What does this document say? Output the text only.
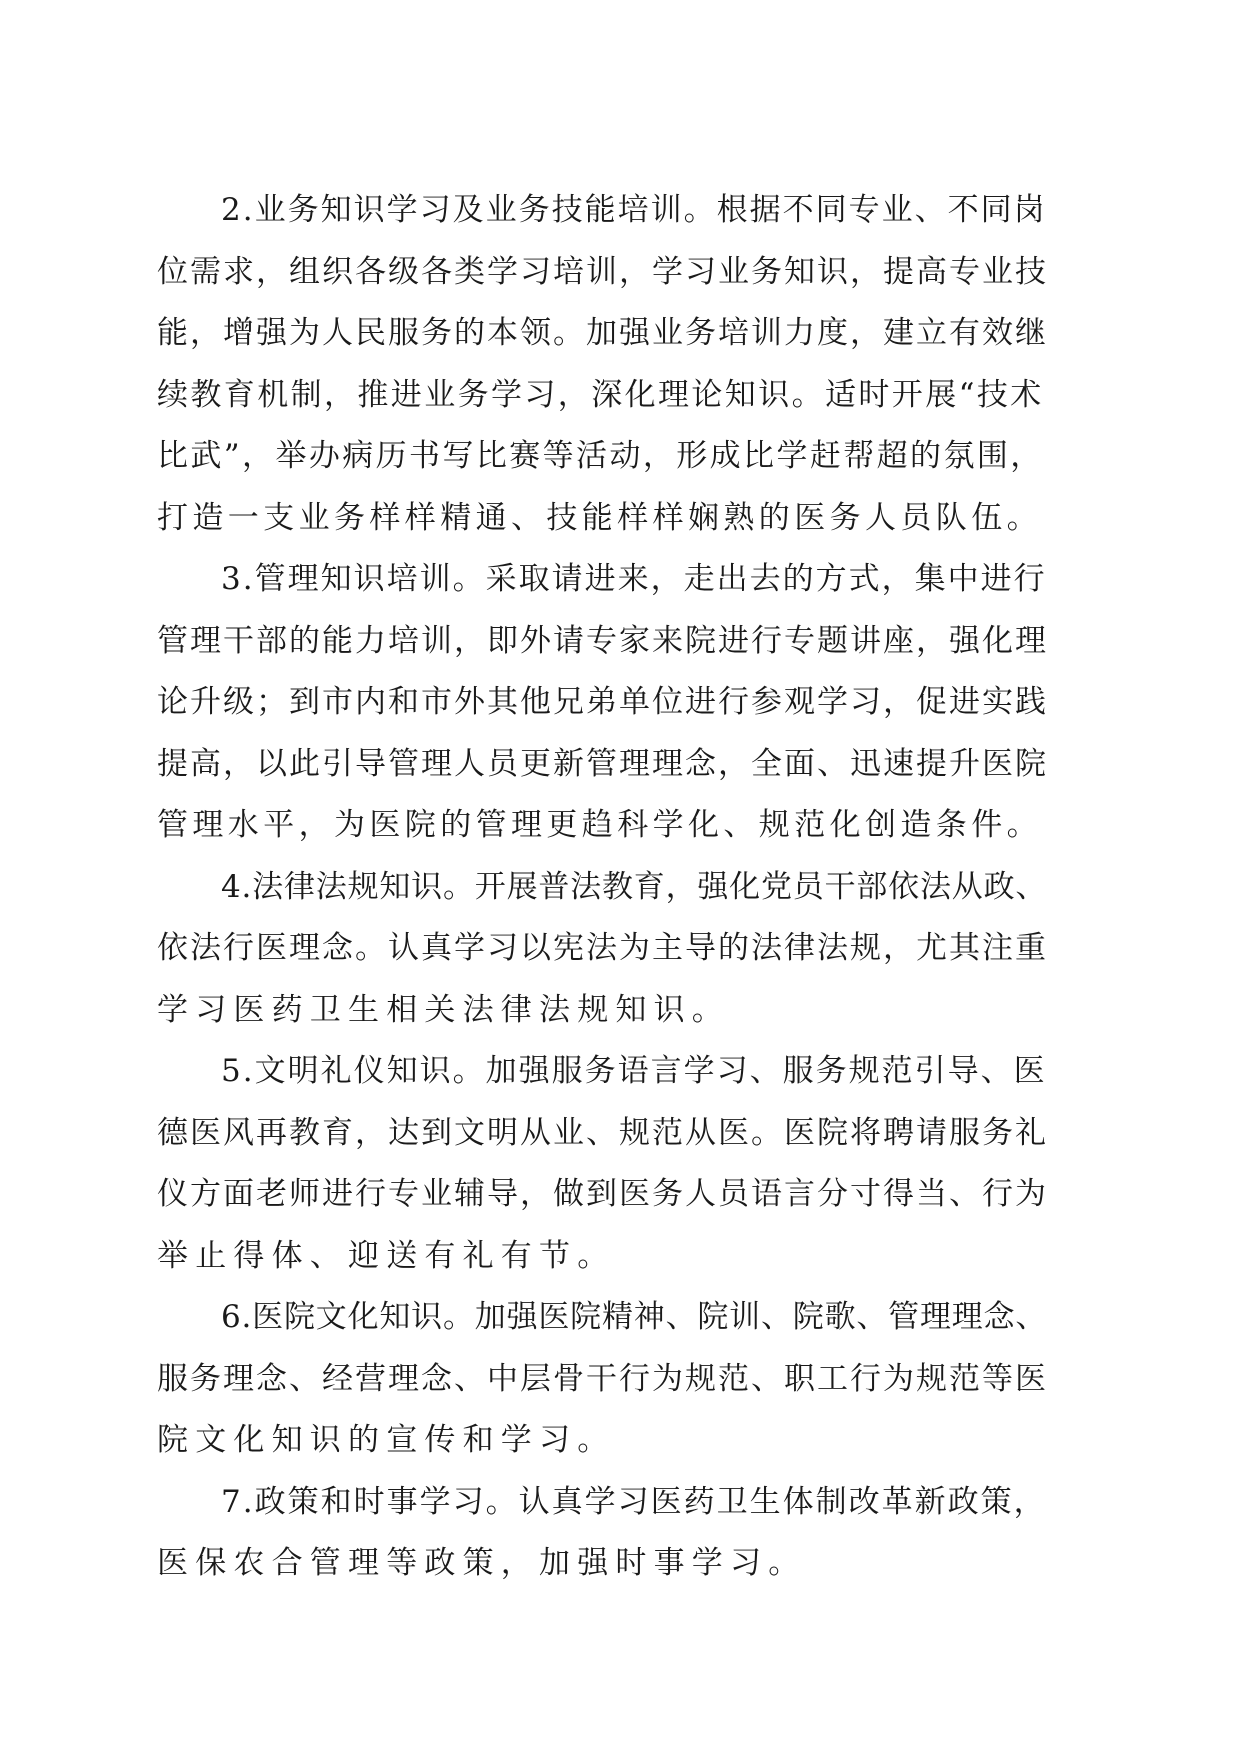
2.业务知识学习及业务技能培训。根据不同专业、不同岗
位需求，组织各级各类学习培训，学习业务知识，提高专业技
能，增强为人民服务的本领。加强业务培训力度，建立有效继
续教育机制，推进业务学习，深化理论知识。适时开展“技术
比武”，举办病历书写比赛等活动，形成比学赶帮超的氛围，
打造一支业务样样精通、技能样样娴熟的医务人员队伍。
3.管理知识培训。采取请进来，走出去的方式，集中进行
管理干部的能力培训，即外请专家来院进行专题讲座，强化理
论升级；到市内和市外其他兄弟单位进行参观学习，促进实践
提高，以此引导管理人员更新管理理念，全面、迅速提升医院
管理水平，为医院的管理更趋科学化、规范化创造条件。
4.法律法规知识。开展普法教育，强化党员干部依法从政、
依法行医理念。认真学习以宪法为主导的法律法规，尤其注重
学习医药卫生相关法律法规知识。
5.文明礼仪知识。加强服务语言学习、服务规范引导、医
德医风再教育，达到文明从业、规范从医。医院将聘请服务礼
仪方面老师进行专业辅导，做到医务人员语言分寸得当、行为
举止得体、迎送有礼有节。
6.医院文化知识。加强医院精神、院训、院歌、管理理念、
服务理念、经营理念、中层骨干行为规范、职工行为规范等医
院文化知识的宣传和学习。
7.政策和时事学习。认真学习医药卫生体制改革新政策，
医保农合管理等政策，加强时事学习。
